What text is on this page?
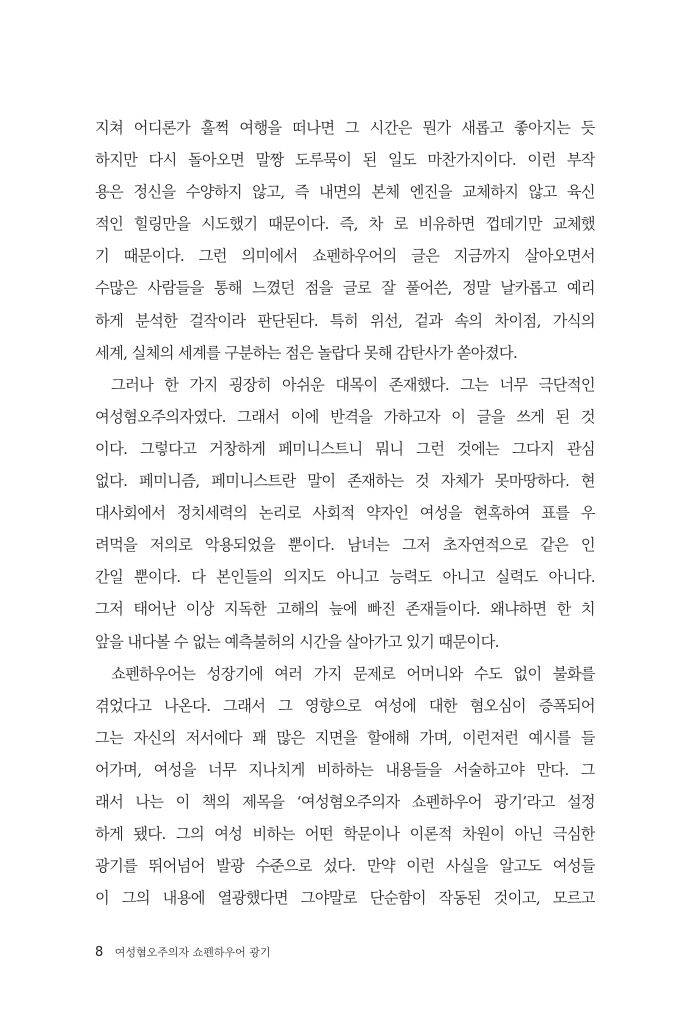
지쳐 어디론가 훌쩍 여행을 떠나면 그 시간은 뭔가 새롭고 좋아지는 듯
하지만 다시 돌아오면 말짱 도루묵이 된 일도 마찬가지이다. 이런 부작
용은 정신을 수양하지 않고, 즉 내면의 본체 엔진을 교체하지 않고 육신
적인 힐링만을 시도했기 때문이다. 즉, 차 로 비유하면 껍데기만 교체했
기 때문이다. 그런 의미에서 쇼펜하우어의 글은 지금까지 살아오면서
수많은 사람들을 통해 느꼈던 점을 글로 잘 풀어쓴, 정말 날카롭고 예리
하게 분석한 걸작이라 판단된다. 특히 위선, 겉과 속의 차이점, 가식의
세계, 실체의 세계를 구분하는 점은 놀랍다 못해 감탄사가 쏟아졌다.
그러나 한 가지 굉장히 아쉬운 대목이 존재했다. 그는 너무 극단적인
여성혐오주의자였다. 그래서 이에 반격을 가하고자 이 글을 쓰게 된 것
이다. 그렇다고 거창하게 페미니스트니 뭐니 그런 것에는 그다지 관심
없다. 페미니즘, 페미니스트란 말이 존재하는 것 자체가 못마땅하다. 현
대사회에서 정치세력의 논리로 사회적 약자인 여성을 현혹하여 표를 우
려먹을 저의로 악용되었을 뿐이다. 남녀는 그저 초자연적으로 같은 인
간일 뿐이다. 다 본인들의 의지도 아니고 능력도 아니고 실력도 아니다.
그저 태어난 이상 지독한 고해의 늪에 빠진 존재들이다. 왜냐하면 한 치
앞을 내다볼 수 없는 예측불허의 시간을 살아가고 있기 때문이다.
쇼펜하우어는 성장기에 여러 가지 문제로 어머니와 수도 없이 불화를
겪었다고 나온다. 그래서 그 영향으로 여성에 대한 혐오심이 증폭되어
그는 자신의 저서에다 꽤 많은 지면을 할애해 가며, 이런저런 예시를 들
어가며, 여성을 너무 지나치게 비하하는 내용들을 서술하고야 만다. 그
래서 나는 이 책의 제목을 ‘여성혐오주의자 쇼펜하우어 광기’라고 설정
하게 됐다. 그의 여성 비하는 어떤 학문이나 이론적 차원이 아닌 극심한
광기를 뛰어넘어 발광 수준으로 섰다. 만약 이런 사실을 알고도 여성들
이 그의 내용에 열광했다면 그야말로 단순함이 작동된 것이고, 모르고
8 여성혐오주의자 쇼펜하우어 광기
